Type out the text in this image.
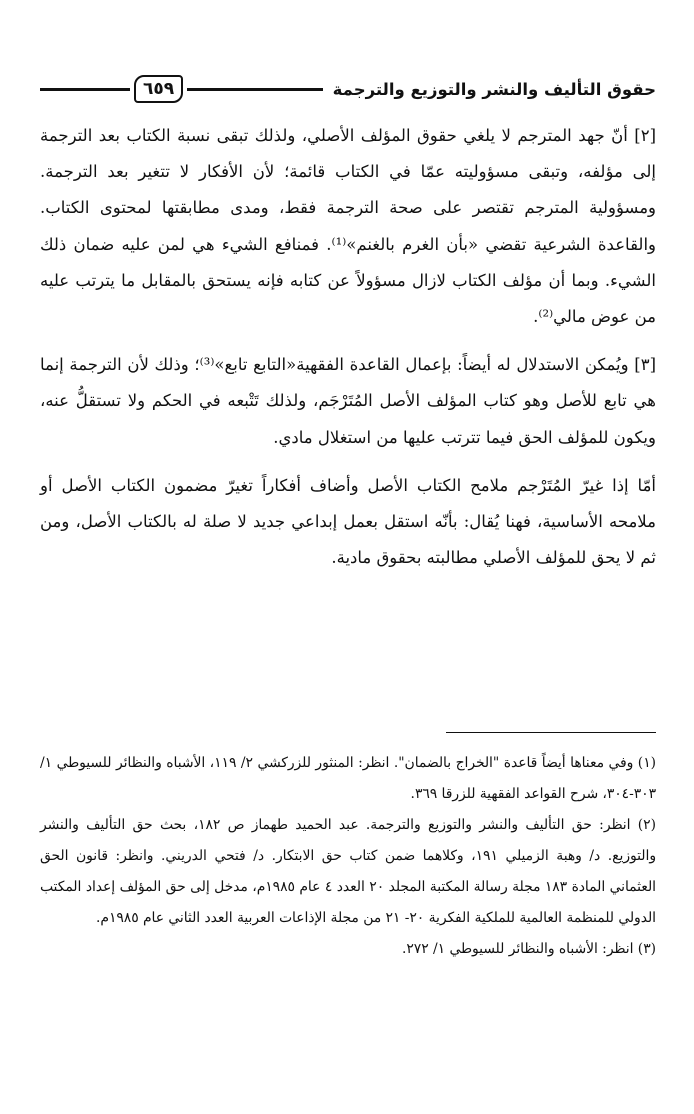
حقوق التأليف والنشر والتوزيع والترجمة
٦٥٩

[٢] أنّ جهد المترجم لا يلغي حقوق المؤلف الأصلي، ولذلك تبقى نسبة الكتاب بعد الترجمة إلى مؤلفه، وتبقى مسؤوليته عمّا في الكتاب قائمة؛ لأن الأفكار لا تتغير بعد الترجمة. ومسؤولية المترجم تقتصر على صحة الترجمة فقط، ومدى مطابقتها لمحتوى الكتاب. والقاعدة الشرعية تقضي «بأن الغرم بالغنم»⁽¹⁾. فمنافع الشيء هي لمن عليه ضمان ذلك الشيء. وبما أن مؤلف الكتاب لازال مسؤولاً عن كتابه فإنه يستحق بالمقابل ما يترتب عليه من عوض مالي⁽²⁾.

[٣] ويُمكن الاستدلال له أيضاً: بإعمال القاعدة الفقهية«التابع تابع»⁽³⁾؛ وذلك لأن الترجمة إنما هي تابع للأصل وهو كتاب المؤلف الأصل المُتَرْجَم، ولذلك تَتْبعه في الحكم ولا تستقلُّ عنه، ويكون للمؤلف الحق فيما تترتب عليها من استغلال مادي.

أمّا إذا غيرّ المُتَرْجم ملامح الكتاب الأصل وأضاف أفكاراً تغيرّ مضمون الكتاب الأصل أو ملامحه الأساسية، فهنا يُقال: بأنّه استقل بعمل إبداعي جديد لا صلة له بالكتاب الأصل، ومن ثم لا يحق للمؤلف الأصلي مطالبته بحقوق مادية.

(١) وفي معناها أيضاً قاعدة "الخراج بالضمان". انظر: المنثور للزركشي ٢/ ١١٩، الأشباه والنظائر للسيوطي ١/ ٣٠٣-٣٠٤، شرح القواعد الفقهية للزرقا ٣٦٩.

(٢) انظر: حق التأليف والنشر والتوزيع والترجمة. عبد الحميد طهماز ص ١٨٢، بحث حق التأليف والنشر والتوزيع. د/ وهبة الزميلي ١٩١، وكلاهما ضمن كتاب حق الابتكار. د/ فتحي الدريني. وانظر: قانون الحق العثماني المادة ١٨٣ مجلة رسالة المكتبة المجلد ٢٠ العدد ٤ عام ١٩٨٥م، مدخل إلى حق المؤلف إعداد المكتب الدولي للمنظمة العالمية للملكية الفكرية ٢٠- ٢١ من مجلة الإذاعات العربية العدد الثاني عام ١٩٨٥م.

(٣) انظر: الأشباه والنظائر للسيوطي ١/ ٢٧٢.
